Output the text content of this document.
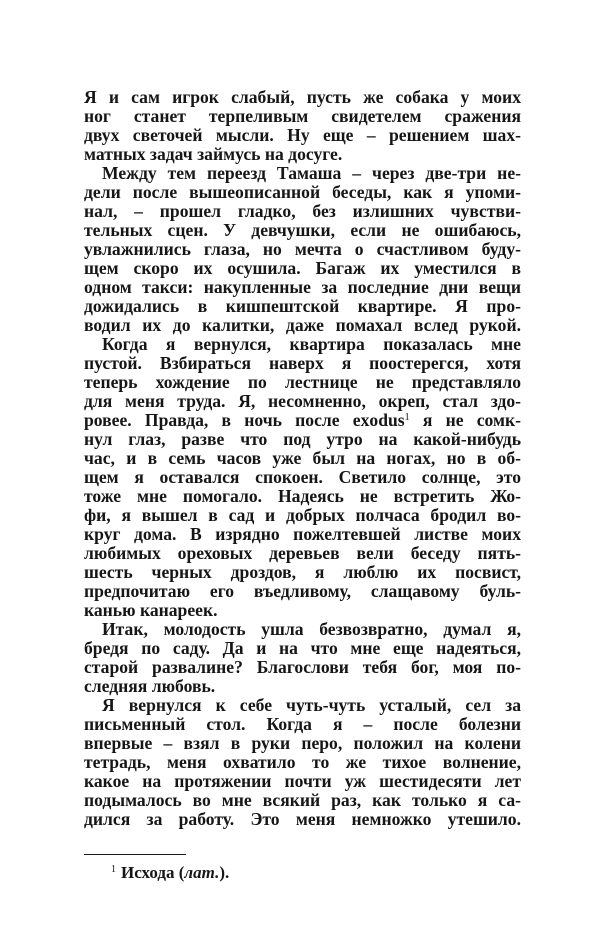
Я и сам игрок слабый, пусть же собака у моих
ног станет терпеливым свидетелем сражения
двух светочей мысли. Ну еще – решением шах-
матных задач займусь на досуге.
Между тем переезд Тамаша – через две-три не-
дели после вышеописанной беседы, как я упоми-
нал, – прошел гладко, без излишних чувстви-
тельных сцен. У девчушки, если не ошибаюсь,
увлажнились глаза, но мечта о счастливом буду-
щем скоро их осушила. Багаж их уместился в
одном такси: накупленные за последние дни вещи
дожидались в кишпештской квартире. Я про-
водил их до калитки, даже помахал вслед рукой.
Когда я вернулся, квартира показалась мне
пустой. Взбираться наверх я поостерегся, хотя
теперь хождение по лестнице не представляло
для меня труда. Я, несомненно, окреп, стал здо-
ровее. Правда, в ночь после exodus$^1$ я не сомк-
нул глаз, разве что под утро на какой-нибудь
час, и в семь часов уже был на ногах, но в об-
щем я оставался спокоен. Светило солнце, это
тоже мне помогало. Надеясь не встретить Жо-
фи, я вышел в сад и добрых полчаса бродил во-
круг дома. В изрядно пожелтевшей листве моих
любимых ореховых деревьев вели беседу пять-
шесть черных дроздов, я люблю их посвист,
предпочитаю его въедливому, слащавому буль-
канью канареек.
Итак, молодость ушла безвозвратно, думал я,
бредя по саду. Да и на что мне еще надеяться,
старой развалине? Благослови тебя бог, моя по-
следняя любовь.
Я вернулся к себе чуть-чуть усталый, сел за
письменный стол. Когда я – после болезни
впервые – взял в руки перо, положил на колени
тетрадь, меня охватило то же тихое волнение,
какое на протяжении почти уж шестидесяти лет
подымалось во мне всякий раз, как только я са-
дился за работу. Это меня немножко утешило.
$^1$ Исхода (лат.).
